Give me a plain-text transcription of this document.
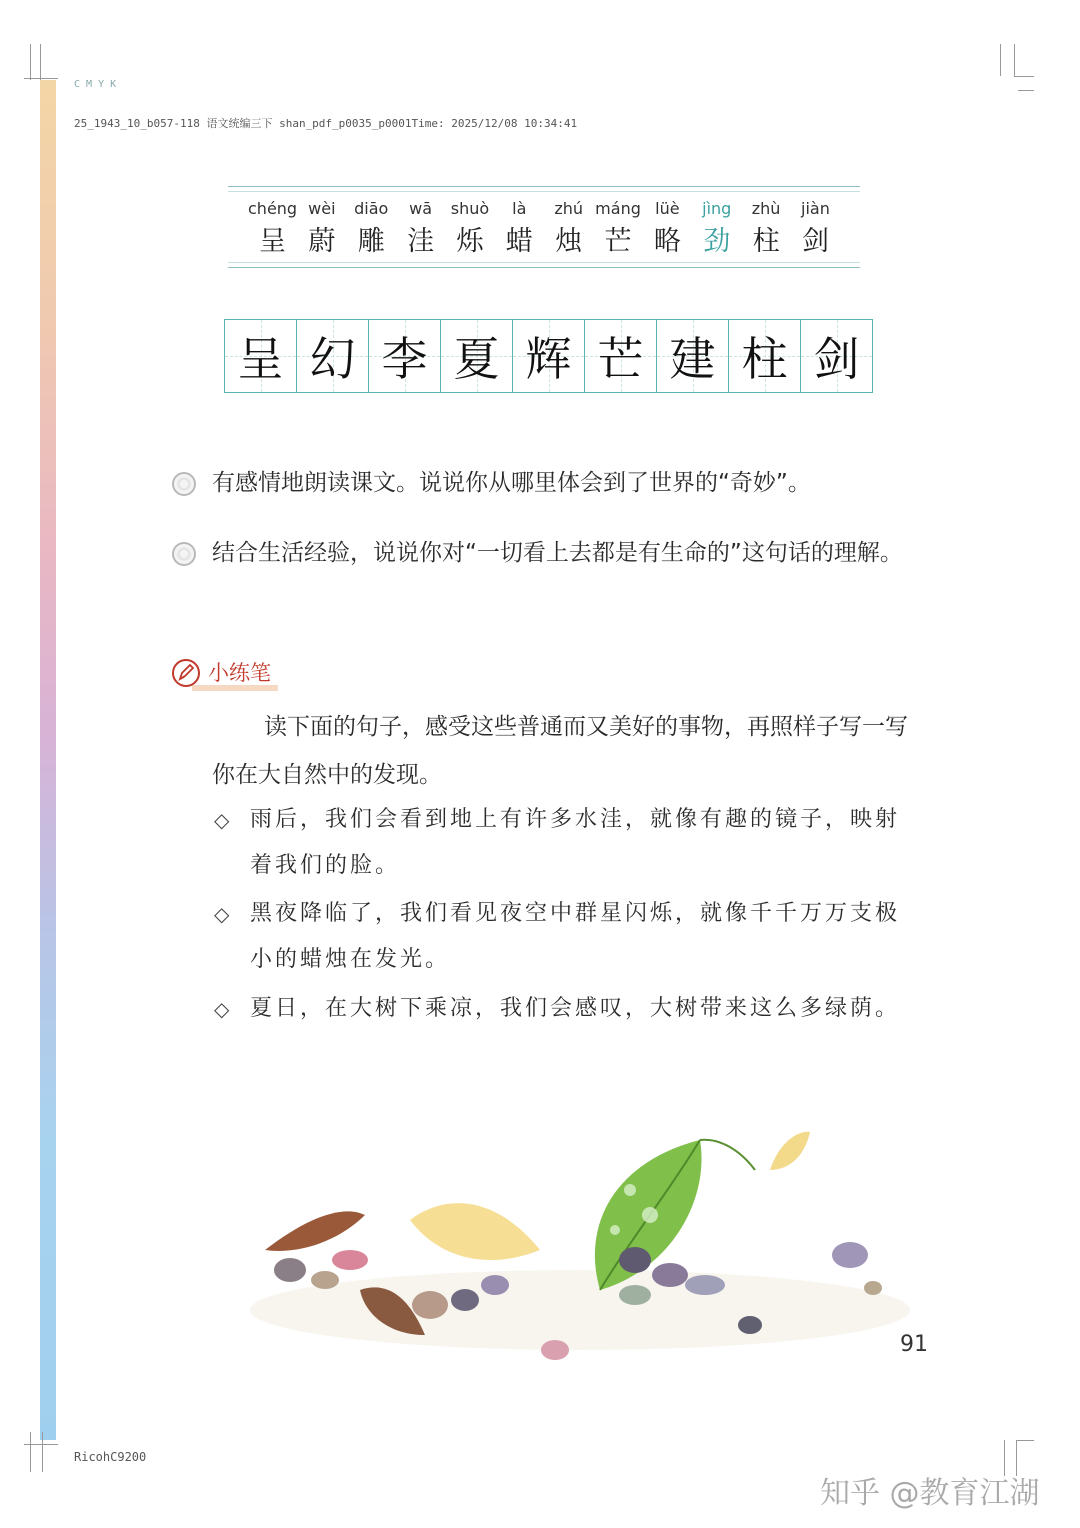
C M Y K

25_1943_10_b057-118 语文统编三下 shan_pdf_p0035_p0001Time: 2025/12/08 10:34:41

chéng wèi	diāo	wā	shuò	là	zhú máng lüè	jìng	zhù	jiàn
呈 蔚 雕 洼 烁 蜡 烛 芒 略 劲 柱 剑
呈 幻 李 夏 辉 芒 建 柱 剑
有感情地朗读课文。说说你从哪里体会到了世界的“奇妙”。
结合生活经验，说说你对“一切看上去都是有生命的”这句话的理解。
小练笔
读下面的句子，感受这些普通而又美好的事物，再照样子写一写你在大自然中的发现。
◇ 雨后，我们会看到地上有许多水洼，就像有趣的镜子，映射
着我们的脸。
◇ 黑夜降临了，我们看见夜空中群星闪烁，就像千千万万支极
小的蜡烛在发光。
◇ 夏日，在大树下乘凉，我们会感叹，大树带来这么多绿荫。
91
RicohC9200
知乎 @教育江湖
